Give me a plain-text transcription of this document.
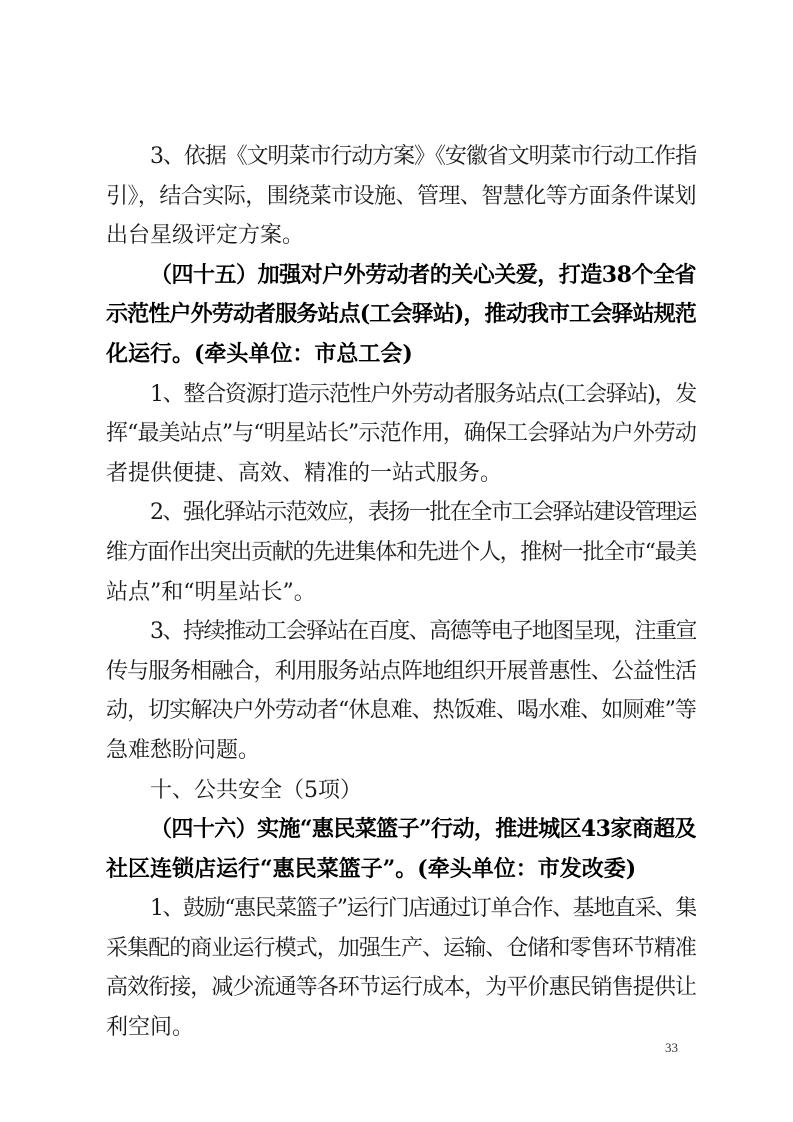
3、依据《文明菜市行动方案》《安徽省文明菜市行动工作指
引》，结合实际，围绕菜市设施、管理、智慧化等方面条件谋划
出台星级评定方案。
（四十五）加强对户外劳动者的关心关爱，打造38个全省
示范性户外劳动者服务站点(工会驿站)，推动我市工会驿站规范
化运行。(牵头单位：市总工会)
1、整合资源打造示范性户外劳动者服务站点(工会驿站)，发
挥“最美站点”与“明星站长”示范作用，确保工会驿站为户外劳动
者提供便捷、高效、精准的一站式服务。
2、强化驿站示范效应，表扬一批在全市工会驿站建设管理运
维方面作出突出贡献的先进集体和先进个人，推树一批全市“最美
站点”和“明星站长”。
3、持续推动工会驿站在百度、高德等电子地图呈现，注重宣
传与服务相融合，利用服务站点阵地组织开展普惠性、公益性活
动，切实解决户外劳动者“休息难、热饭难、喝水难、如厕难”等
急难愁盼问题。
十、公共安全（5项）
（四十六）实施“惠民菜篮子”行动，推进城区43家商超及
社区连锁店运行“惠民菜篮子”。(牵头单位：市发改委)
1、鼓励“惠民菜篮子”运行门店通过订单合作、基地直采、集
采集配的商业运行模式，加强生产、运输、仓储和零售环节精准
高效衔接，减少流通等各环节运行成本，为平价惠民销售提供让
利空间。
33
